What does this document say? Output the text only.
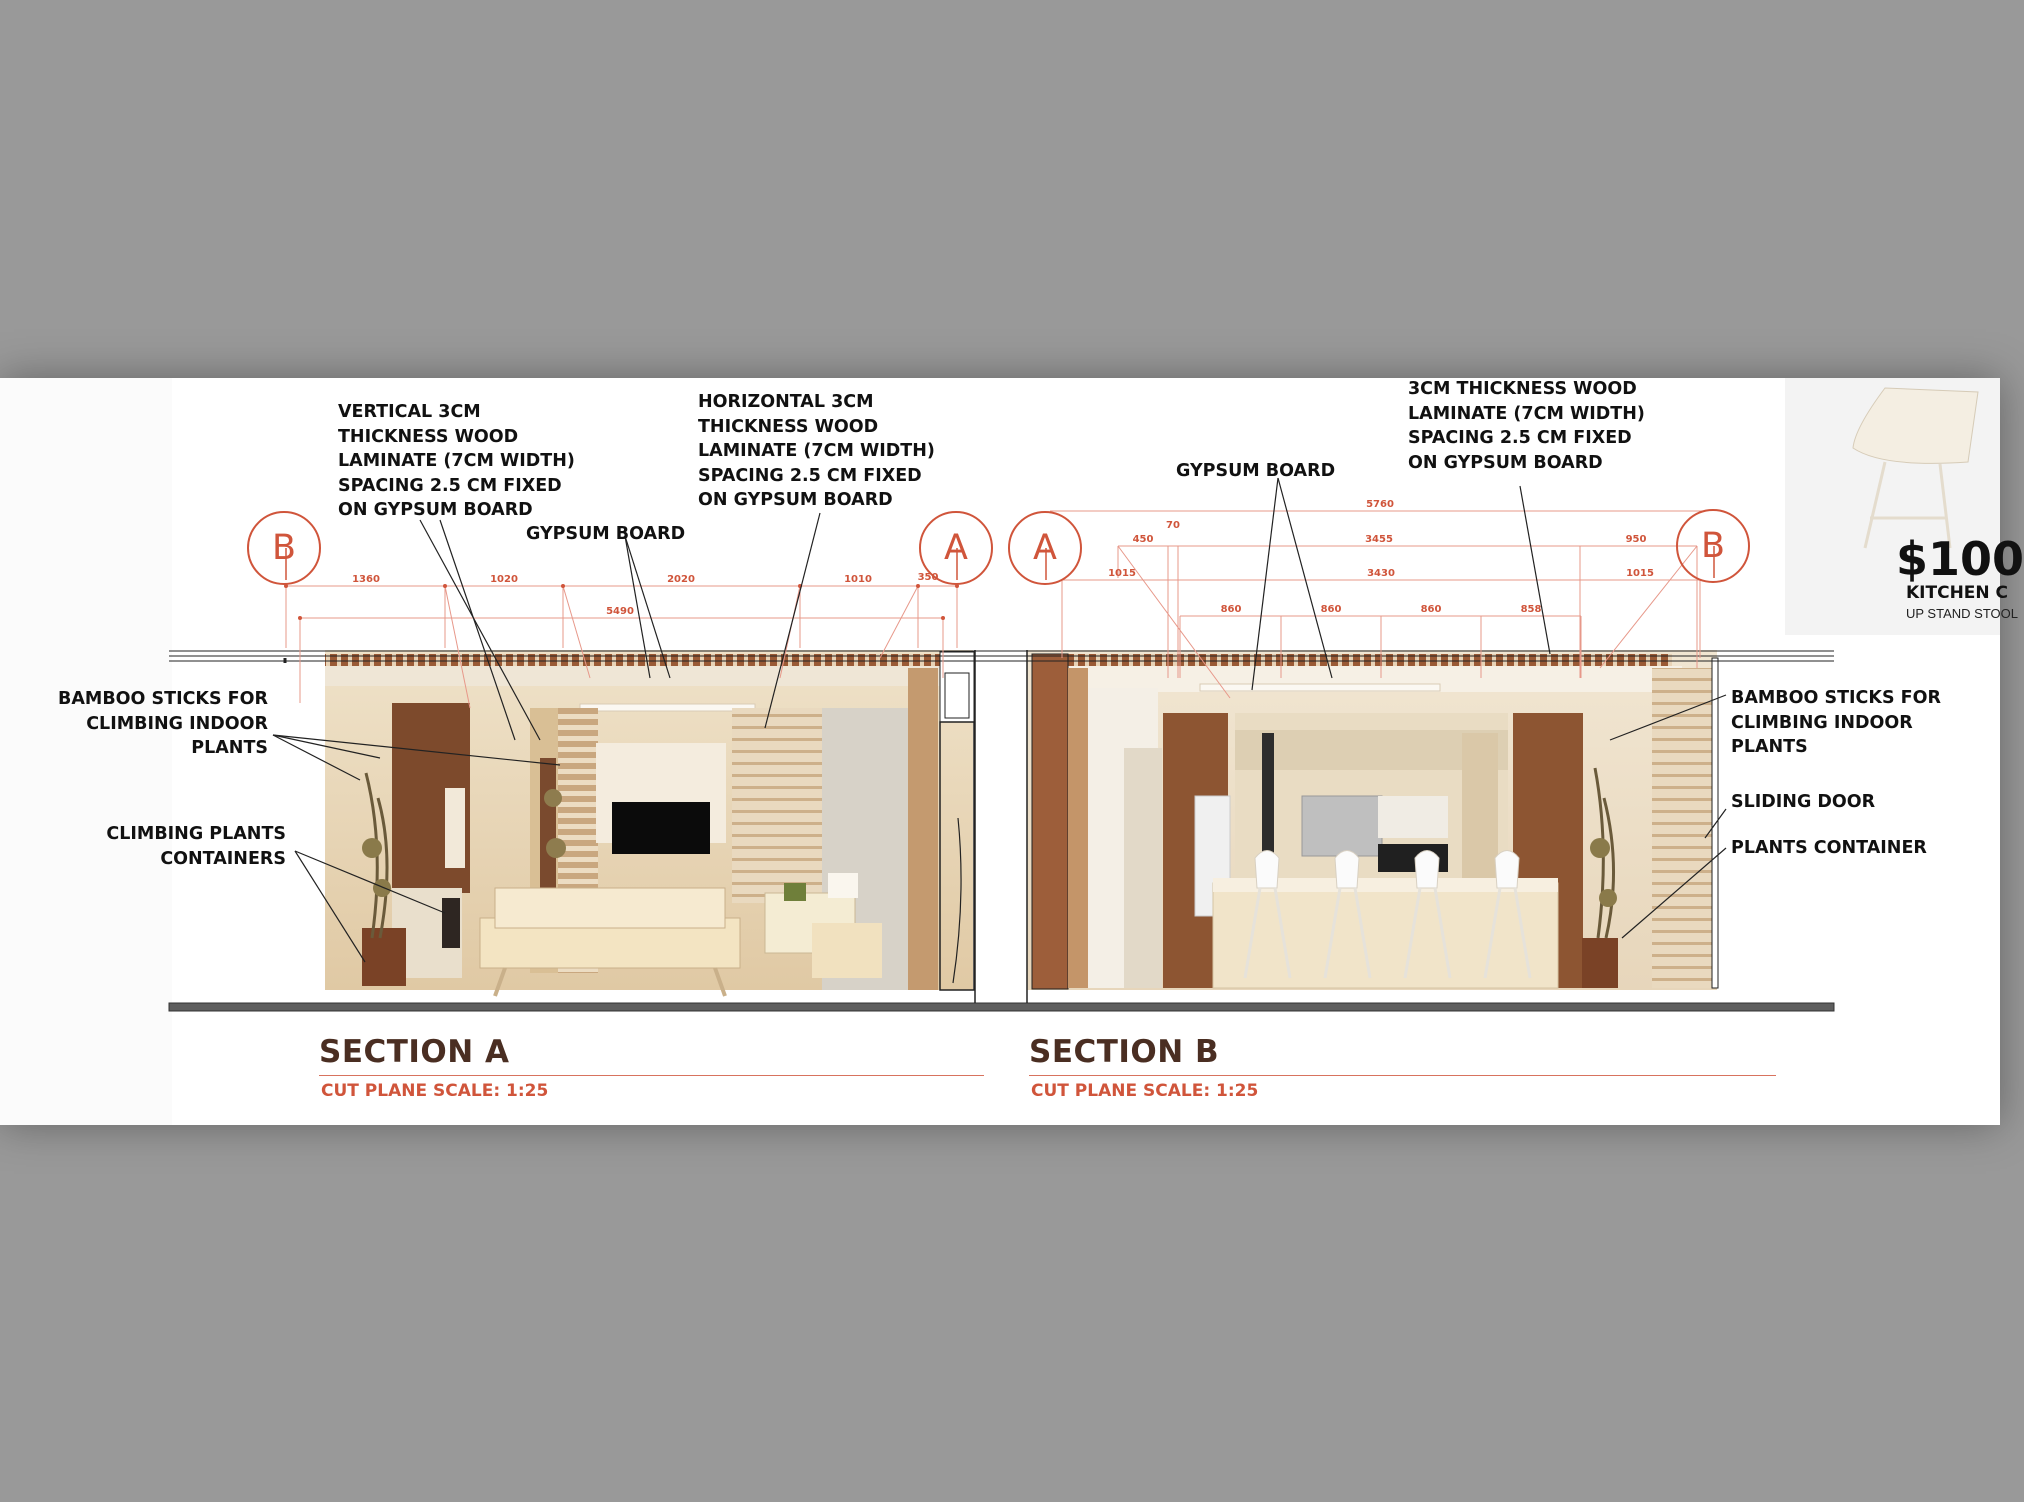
1360	1020	2020	1010	350
5490
5760
70
450	3455	950
1015	3430	1015
860	860	860	858
B	A	A	B
VERTICAL 3CM
THICKNESS WOOD
LAMINATE (7CM WIDTH)
SPACING 2.5 CM FIXED
ON GYPSUM BOARD
HORIZONTAL 3CM
THICKNESS WOOD
LAMINATE (7CM WIDTH)
SPACING 2.5 CM FIXED
ON GYPSUM BOARD
GYPSUM BOARD
BAMBOO STICKS FOR
CLIMBING INDOOR
PLANTS
CLIMBING PLANTS
CONTAINERS
GYPSUM BOARD
3CM THICKNESS WOOD
LAMINATE (7CM WIDTH)
SPACING 2.5 CM FIXED
ON GYPSUM BOARD
BAMBOO STICKS FOR
CLIMBING INDOOR
PLANTS
SLIDING DOOR
PLANTS CONTAINER
SECTION A
CUT PLANE SCALE: 1:25
SECTION B
CUT PLANE SCALE: 1:25
$100
KITCHEN C
UP STAND STOOL
